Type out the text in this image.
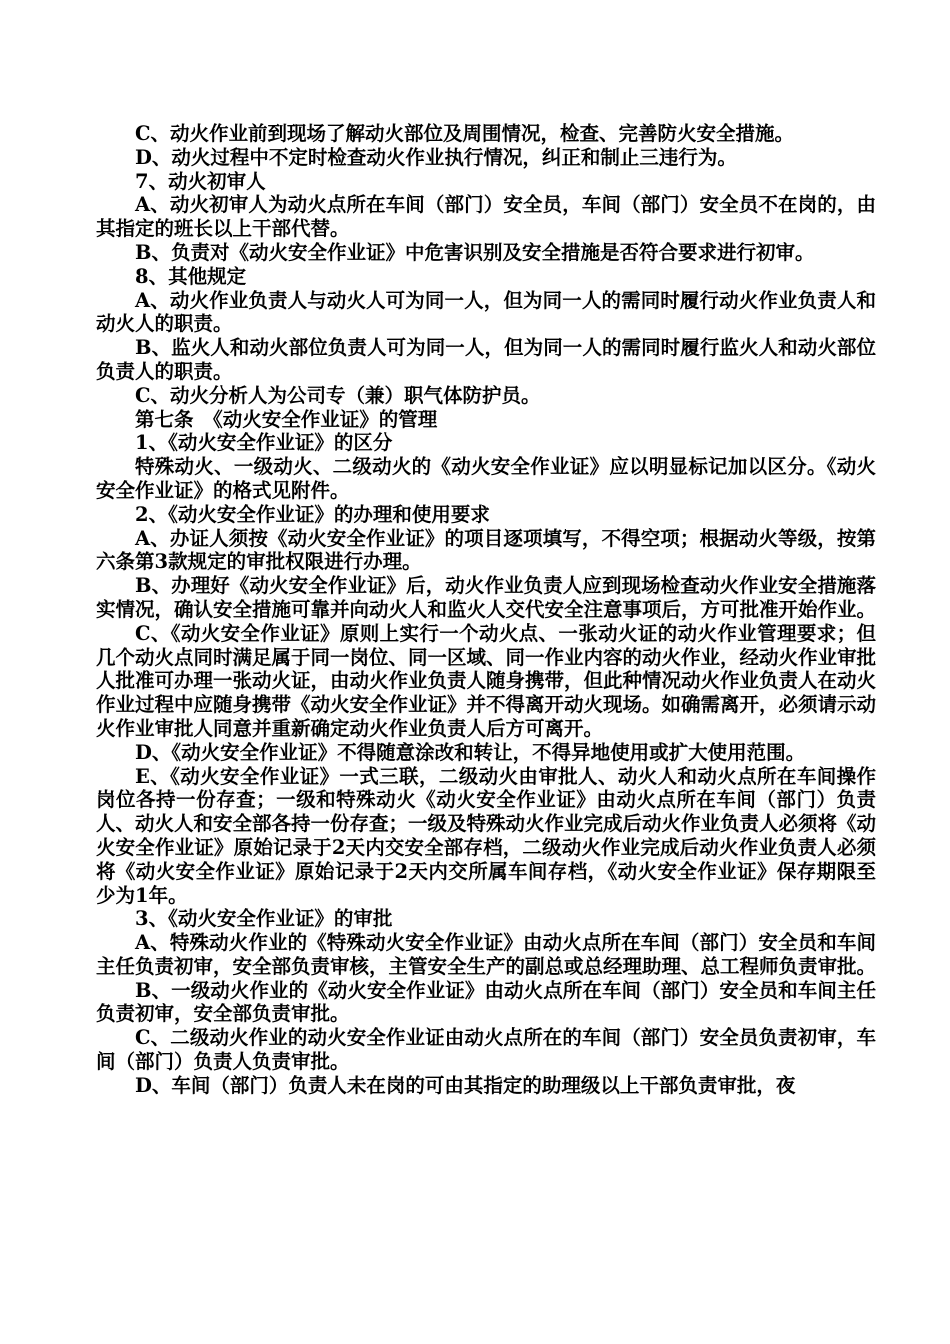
C、动火作业前到现场了解动火部位及周围情况，检查、完善防火安全措施。

D、动火过程中不定时检查动火作业执行情况，纠正和制止三违行为。

7、动火初审人

A、动火初审人为动火点所在车间（部门）安全员，车间（部门）安全员不在岗的，由其指定的班长以上干部代替。

B、负责对《动火安全作业证》中危害识别及安全措施是否符合要求进行初审。

8、其他规定

A、动火作业负责人与动火人可为同一人，但为同一人的需同时履行动火作业负责人和动火人的职责。

B、监火人和动火部位负责人可为同一人，但为同一人的需同时履行监火人和动火部位负责人的职责。

C、动火分析人为公司专（兼）职气体防护员。

第七条　《动火安全作业证》的管理

1、《动火安全作业证》的区分

特殊动火、一级动火、二级动火的《动火安全作业证》应以明显标记加以区分。《动火安全作业证》的格式见附件。

2、《动火安全作业证》的办理和使用要求

A、办证人须按《动火安全作业证》的项目逐项填写，不得空项；根据动火等级，按第六条第3款规定的审批权限进行办理。

B、办理好《动火安全作业证》后，动火作业负责人应到现场检查动火作业安全措施落实情况，确认安全措施可靠并向动火人和监火人交代安全注意事项后，方可批准开始作业。

C、《动火安全作业证》原则上实行一个动火点、一张动火证的动火作业管理要求；但几个动火点同时满足属于同一岗位、同一区域、同一作业内容的动火作业，经动火作业审批人批准可办理一张动火证，由动火作业负责人随身携带，但此种情况动火作业负责人在动火作业过程中应随身携带《动火安全作业证》并不得离开动火现场。如确需离开，必须请示动火作业审批人同意并重新确定动火作业负责人后方可离开。

D、《动火安全作业证》不得随意涂改和转让，不得异地使用或扩大使用范围。

E、《动火安全作业证》一式三联，二级动火由审批人、动火人和动火点所在车间操作岗位各持一份存查；一级和特殊动火《动火安全作业证》由动火点所在车间（部门）负责人、动火人和安全部各持一份存查；一级及特殊动火作业完成后动火作业负责人必须将《动火安全作业证》原始记录于2天内交安全部存档，二级动火作业完成后动火作业负责人必须将《动火安全作业证》原始记录于2天内交所属车间存档，《动火安全作业证》保存期限至少为1年。

3、《动火安全作业证》的审批

A、特殊动火作业的《特殊动火安全作业证》由动火点所在车间（部门）安全员和车间主任负责初审，安全部负责审核，主管安全生产的副总或总经理助理、总工程师负责审批。

B、一级动火作业的《动火安全作业证》由动火点所在车间（部门）安全员和车间主任负责初审，安全部负责审批。

C、二级动火作业的动火安全作业证由动火点所在的车间（部门）安全员负责初审，车间（部门）负责人负责审批。

D、车间（部门）负责人未在岗的可由其指定的助理级以上干部负责审批，夜
